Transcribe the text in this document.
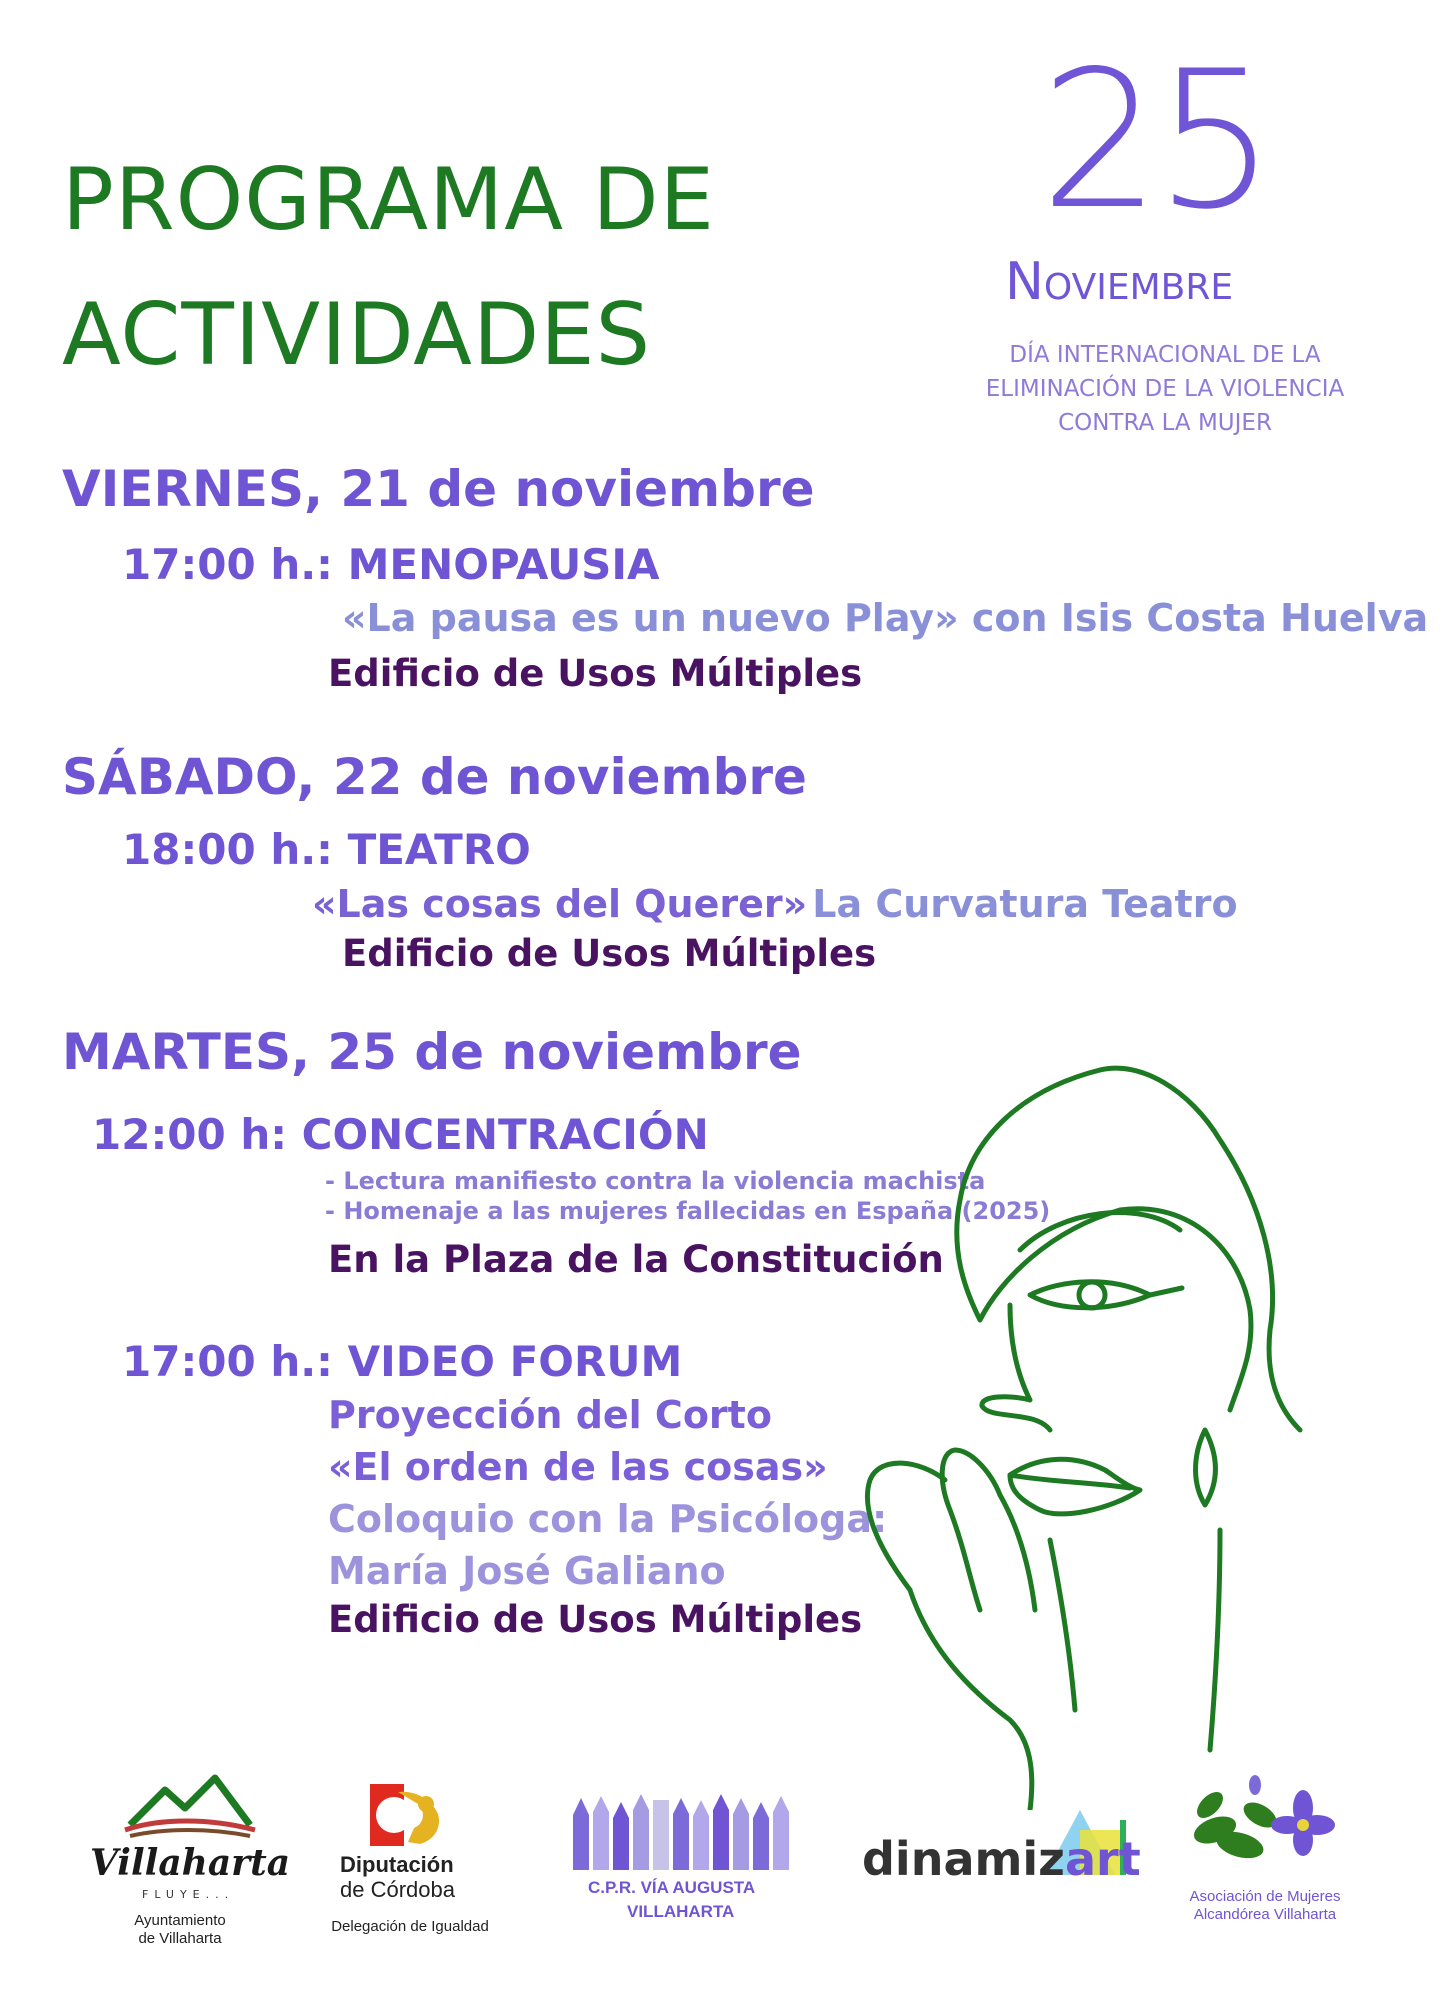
PROGRAMA DE
ACTIVIDADES
25
Noviembre
DÍA INTERNACIONAL DE LA
ELIMINACIÓN DE LA VIOLENCIA
CONTRA LA MUJER
VIERNES, 21 de noviembre
17:00 h.: MENOPAUSIA
«La pausa es un nuevo Play» con Isis Costa Huelva
Edificio de Usos Múltiples
SÁBADO, 22 de noviembre
18:00 h.: TEATRO
«Las cosas del Querer» La Curvatura Teatro
Edificio de Usos Múltiples
MARTES, 25 de noviembre
12:00 h: CONCENTRACIÓN
- Lectura manifiesto contra la violencia machista
- Homenaje a las mujeres fallecidas en España (2025)
En la Plaza de la Constitución
17:00 h.: VIDEO FORUM
Proyección del Corto
«El orden de las cosas»
Coloquio con la Psicóloga:
María José Galiano
Edificio de Usos Múltiples
Villaharta
FLUYE...
Ayuntamiento
de Villaharta
Diputación
de Córdoba
Delegación de Igualdad
C.P.R. VÍA AUGUSTA
VILLAHARTA
dinamizart
Asociación de Mujeres
Alcandórea Villaharta
